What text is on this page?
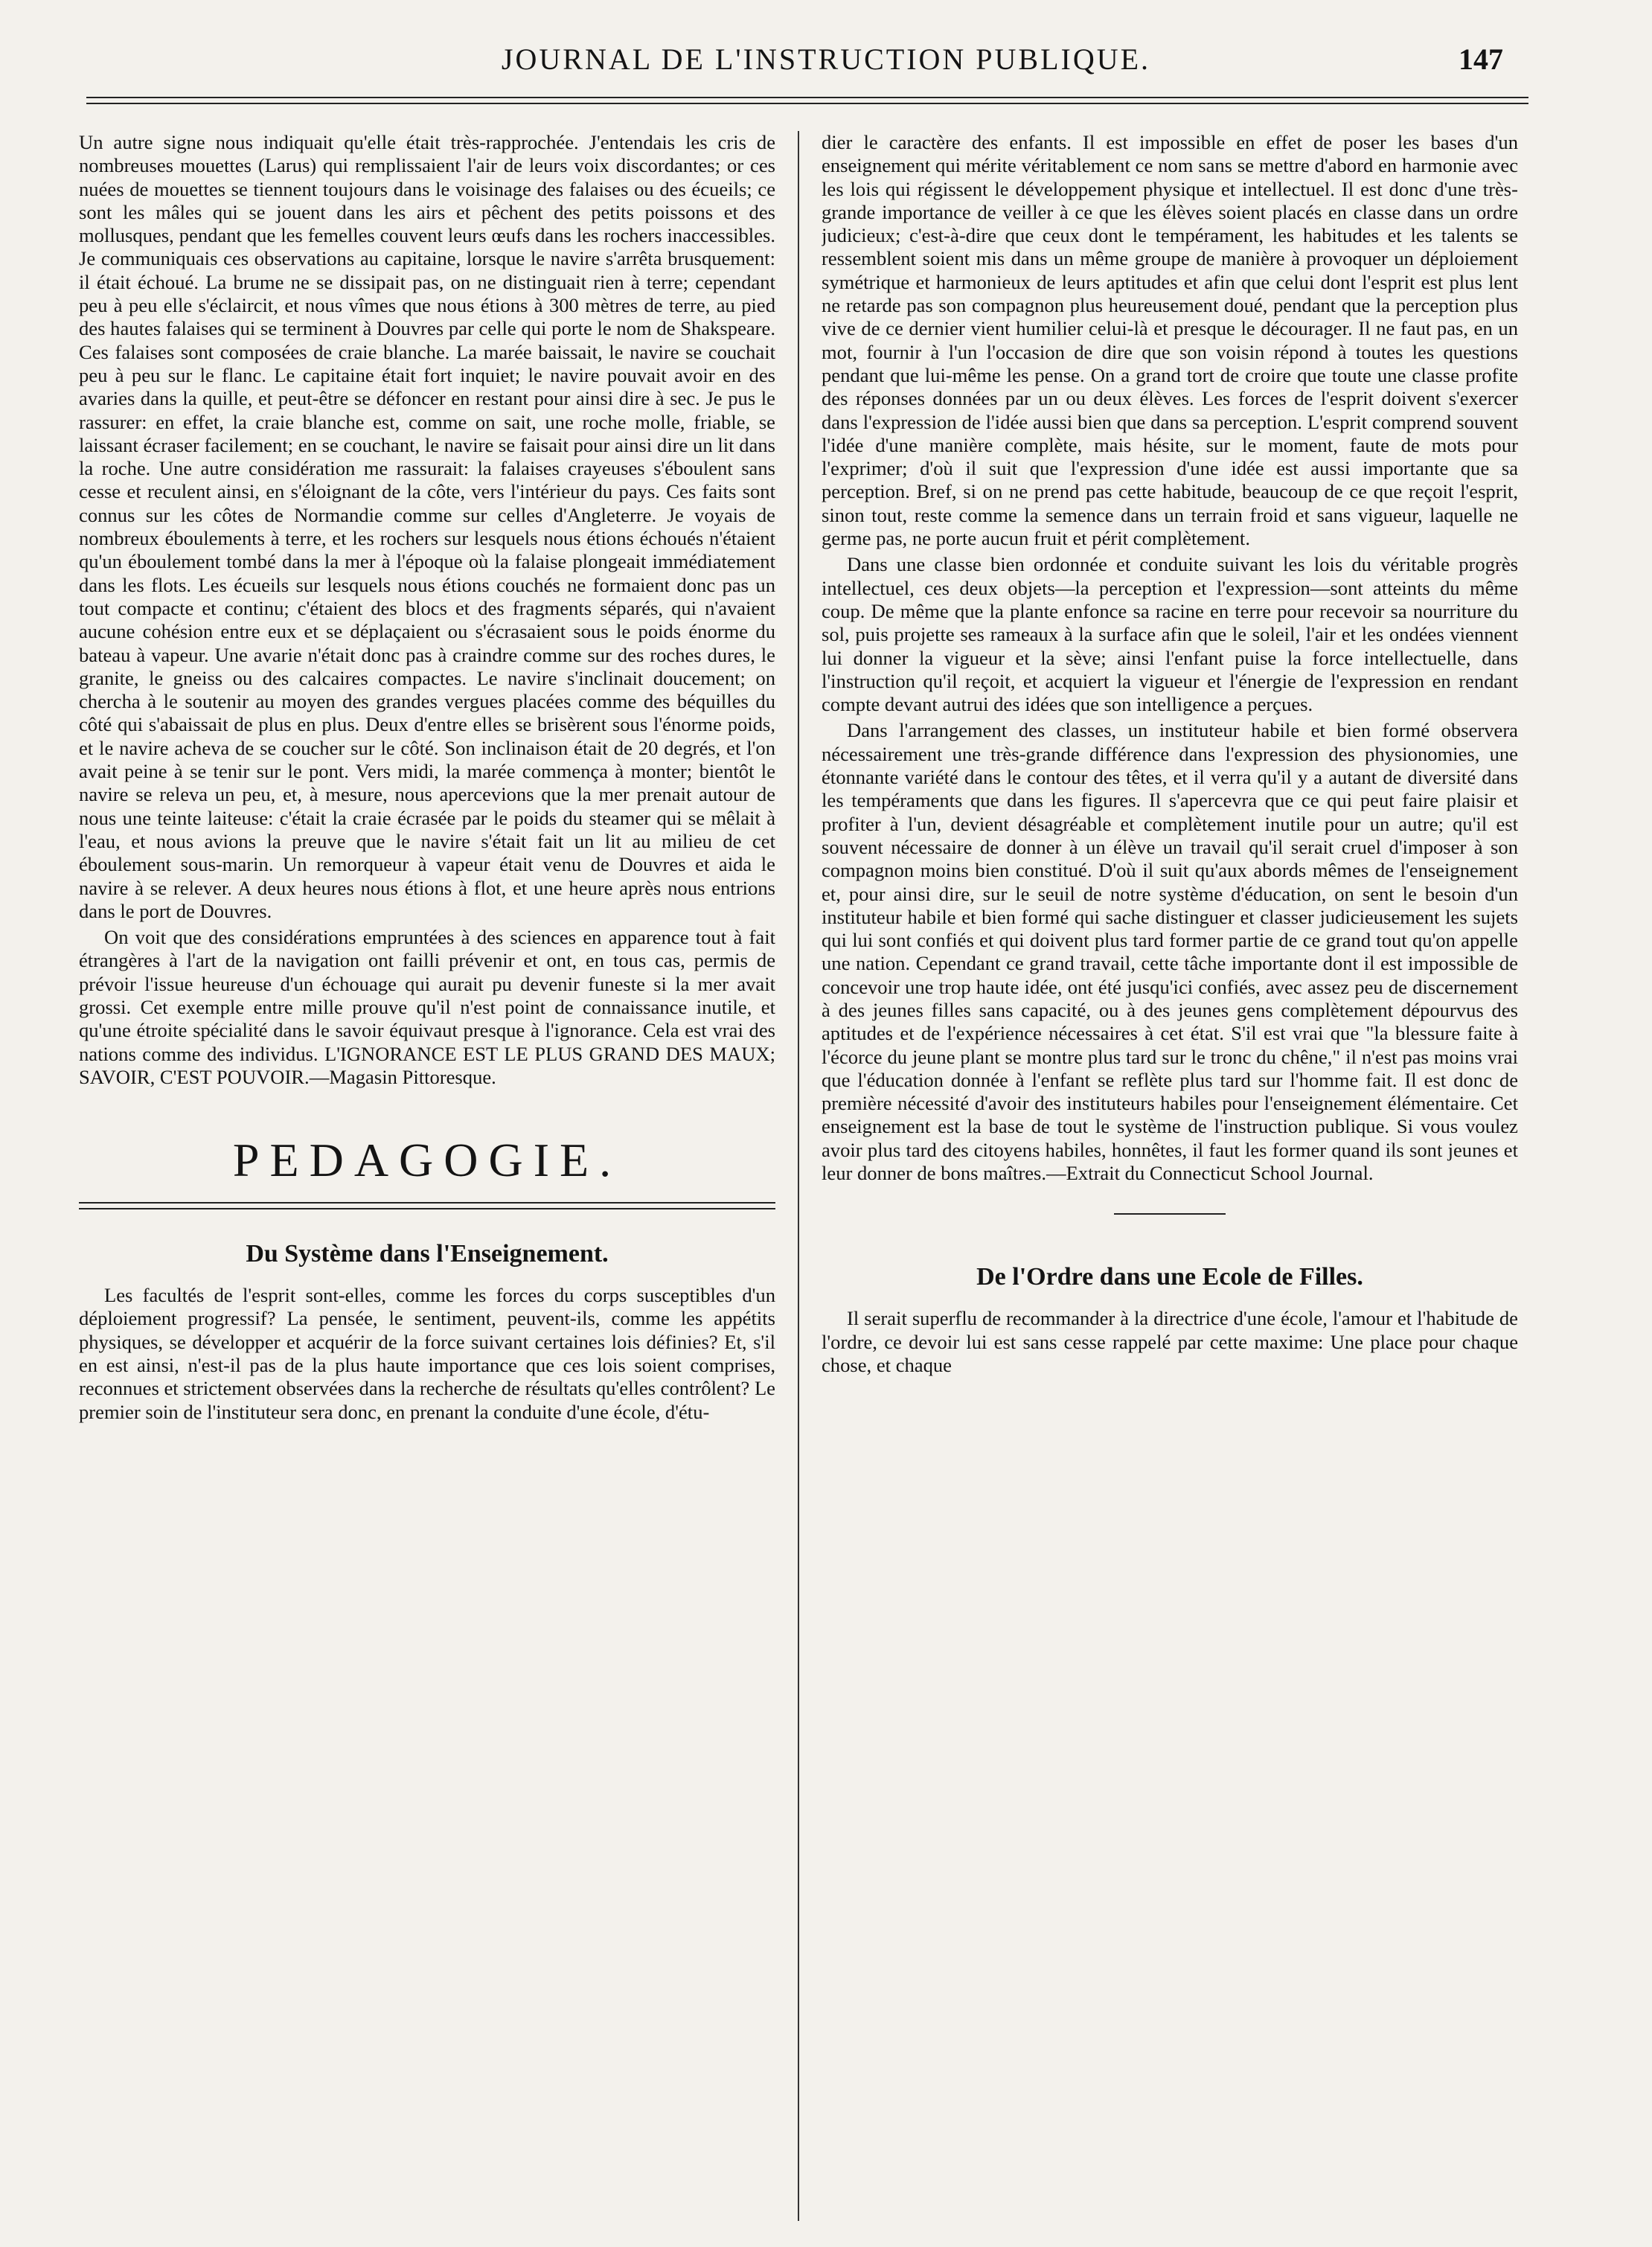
JOURNAL DE L'INSTRUCTION PUBLIQUE.	147

Un autre signe nous indiquait qu'elle était très-rapprochée. J'entendais les cris de nombreuses mouettes (Larus) qui remplissaient l'air de leurs voix discordantes; or ces nuées de mouettes se tiennent toujours dans le voisinage des falaises ou des écueils; ce sont les mâles qui se jouent dans les airs et pêchent des petits poissons et des mollusques, pendant que les femelles couvent leurs œufs dans les rochers inaccessibles. Je communiquais ces observations au capitaine, lorsque le navire s'arrêta brusquement: il était échoué. La brume ne se dissipait pas, on ne distinguait rien à terre; cependant peu à peu elle s'éclaircit, et nous vîmes que nous étions à 300 mètres de terre, au pied des hautes falaises qui se terminent à Douvres par celle qui porte le nom de Shakspeare. Ces falaises sont composées de craie blanche. La marée baissait, le navire se couchait peu à peu sur le flanc. Le capitaine était fort inquiet; le navire pouvait avoir en des avaries dans la quille, et peut-être se défoncer en restant pour ainsi dire à sec. Je pus le rassurer: en effet, la craie blanche est, comme on sait, une roche molle, friable, se laissant écraser facilement; en se couchant, le navire se faisait pour ainsi dire un lit dans la roche. Une autre considération me rassurait: la falaises crayeuses s'éboulent sans cesse et reculent ainsi, en s'éloignant de la côte, vers l'intérieur du pays. Ces faits sont connus sur les côtes de Normandie comme sur celles d'Angleterre. Je voyais de nombreux éboulements à terre, et les rochers sur lesquels nous étions échoués n'étaient qu'un éboulement tombé dans la mer à l'époque où la falaise plongeait immédiatement dans les flots. Les écueils sur lesquels nous étions couchés ne formaient donc pas un tout compacte et continu; c'étaient des blocs et des fragments séparés, qui n'avaient aucune cohésion entre eux et se déplaçaient ou s'écrasaient sous le poids énorme du bateau à vapeur. Une avarie n'était donc pas à craindre comme sur des roches dures, le granite, le gneiss ou des calcaires compactes. Le navire s'inclinait doucement; on chercha à le soutenir au moyen des grandes vergues placées comme des béquilles du côté qui s'abaissait de plus en plus. Deux d'entre elles se brisèrent sous l'énorme poids, et le navire acheva de se coucher sur le côté. Son inclinaison était de 20 degrés, et l'on avait peine à se tenir sur le pont. Vers midi, la marée commença à monter; bientôt le navire se releva un peu, et, à mesure, nous apercevions que la mer prenait autour de nous une teinte laiteuse: c'était la craie écrasée par le poids du steamer qui se mêlait à l'eau, et nous avions la preuve que le navire s'était fait un lit au milieu de cet éboulement sous-marin. Un remorqueur à vapeur était venu de Douvres et aida le navire à se relever. A deux heures nous étions à flot, et une heure après nous entrions dans le port de Douvres.

On voit que des considérations empruntées à des sciences en apparence tout à fait étrangères à l'art de la navigation ont failli prévenir et ont, en tous cas, permis de prévoir l'issue heureuse d'un échouage qui aurait pu devenir funeste si la mer avait grossi. Cet exemple entre mille prouve qu'il n'est point de connaissance inutile, et qu'une étroite spécialité dans le savoir équivaut presque à l'ignorance. Cela est vrai des nations comme des individus. L'IGNORANCE EST LE PLUS GRAND DES MAUX; SAVOIR, C'EST POUVOIR.—Magasin Pittoresque.

PEDAGOGIE.
Du Système dans l'Enseignement.

Les facultés de l'esprit sont-elles, comme les forces du corps susceptibles d'un déploiement progressif? La pensée, le sentiment, peuvent-ils, comme les appétits physiques, se développer et acquérir de la force suivant certaines lois définies? Et, s'il en est ainsi, n'est-il pas de la plus haute importance que ces lois soient comprises, reconnues et strictement observées dans la recherche de résultats qu'elles contrôlent? Le premier soin de l'instituteur sera donc, en prenant la conduite d'une école, d'étu-

dier le caractère des enfants. Il est impossible en effet de poser les bases d'un enseignement qui mérite véritablement ce nom sans se mettre d'abord en harmonie avec les lois qui régissent le développement physique et intellectuel. Il est donc d'une très-grande importance de veiller à ce que les élèves soient placés en classe dans un ordre judicieux; c'est-à-dire que ceux dont le tempérament, les habitudes et les talents se ressemblent soient mis dans un même groupe de manière à provoquer un déploiement symétrique et harmonieux de leurs aptitudes et afin que celui dont l'esprit est plus lent ne retarde pas son compagnon plus heureusement doué, pendant que la perception plus vive de ce dernier vient humilier celui-là et presque le décourager. Il ne faut pas, en un mot, fournir à l'un l'occasion de dire que son voisin répond à toutes les questions pendant que lui-même les pense. On a grand tort de croire que toute une classe profite des réponses données par un ou deux élèves. Les forces de l'esprit doivent s'exercer dans l'expression de l'idée aussi bien que dans sa perception. L'esprit comprend souvent l'idée d'une manière complète, mais hésite, sur le moment, faute de mots pour l'exprimer; d'où il suit que l'expression d'une idée est aussi importante que sa perception. Bref, si on ne prend pas cette habitude, beaucoup de ce que reçoit l'esprit, sinon tout, reste comme la semence dans un terrain froid et sans vigueur, laquelle ne germe pas, ne porte aucun fruit et périt complètement.

Dans une classe bien ordonnée et conduite suivant les lois du véritable progrès intellectuel, ces deux objets—la perception et l'expression—sont atteints du même coup. De même que la plante enfonce sa racine en terre pour recevoir sa nourriture du sol, puis projette ses rameaux à la surface afin que le soleil, l'air et les ondées viennent lui donner la vigueur et la sève; ainsi l'enfant puise la force intellectuelle, dans l'instruction qu'il reçoit, et acquiert la vigueur et l'énergie de l'expression en rendant compte devant autrui des idées que son intelligence a perçues.

Dans l'arrangement des classes, un instituteur habile et bien formé observera nécessairement une très-grande différence dans l'expression des physionomies, une étonnante variété dans le contour des têtes, et il verra qu'il y a autant de diversité dans les tempéraments que dans les figures. Il s'apercevra que ce qui peut faire plaisir et profiter à l'un, devient désagréable et complètement inutile pour un autre; qu'il est souvent nécessaire de donner à un élève un travail qu'il serait cruel d'imposer à son compagnon moins bien constitué. D'où il suit qu'aux abords mêmes de l'enseignement et, pour ainsi dire, sur le seuil de notre système d'éducation, on sent le besoin d'un instituteur habile et bien formé qui sache distinguer et classer judicieusement les sujets qui lui sont confiés et qui doivent plus tard former partie de ce grand tout qu'on appelle une nation. Cependant ce grand travail, cette tâche importante dont il est impossible de concevoir une trop haute idée, ont été jusqu'ici confiés, avec assez peu de discernement à des jeunes filles sans capacité, ou à des jeunes gens complètement dépourvus des aptitudes et de l'expérience nécessaires à cet état. S'il est vrai que "la blessure faite à l'écorce du jeune plant se montre plus tard sur le tronc du chêne," il n'est pas moins vrai que l'éducation donnée à l'enfant se reflète plus tard sur l'homme fait. Il est donc de première nécessité d'avoir des instituteurs habiles pour l'enseignement élémentaire. Cet enseignement est la base de tout le système de l'instruction publique. Si vous voulez avoir plus tard des citoyens habiles, honnêtes, il faut les former quand ils sont jeunes et leur donner de bons maîtres.—Extrait du Connecticut School Journal.

De l'Ordre dans une Ecole de Filles.

Il serait superflu de recommander à la directrice d'une école, l'amour et l'habitude de l'ordre, ce devoir lui est sans cesse rappelé par cette maxime: Une place pour chaque chose, et chaque
